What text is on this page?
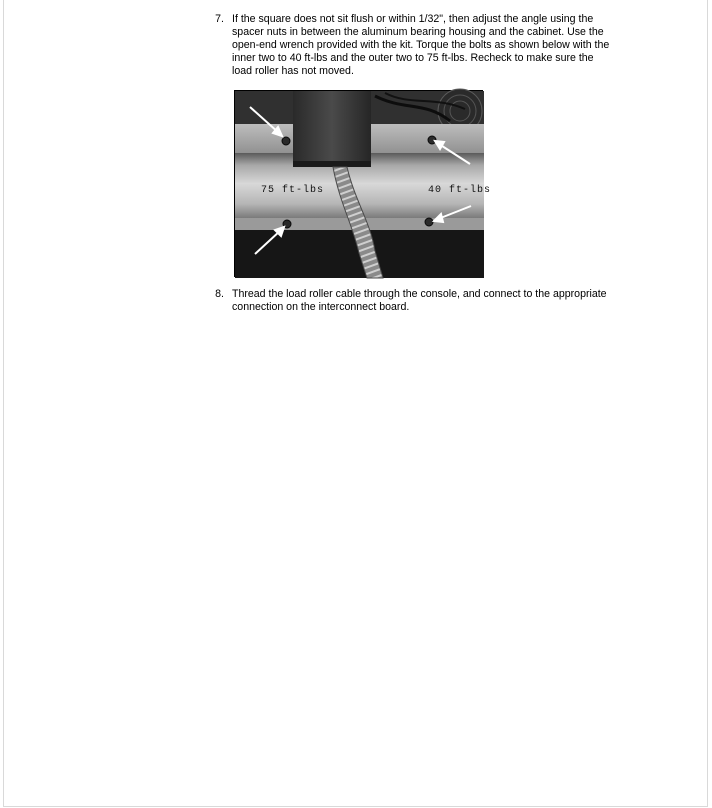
7. If the square does not sit flush or within 1/32", then adjust the angle using the
spacer nuts in between the aluminum bearing housing and the cabinet. Use the
open-end wrench provided with the kit. Torque the bolts as shown below with the
inner two to 40 ft-lbs and the outer two to 75 ft-lbs. Recheck to make sure the
load roller has not moved.
75 ft-lbs	40 ft-lbs
8. Thread the load roller cable through the console, and connect to the appropriate
connection on the interconnect board.
